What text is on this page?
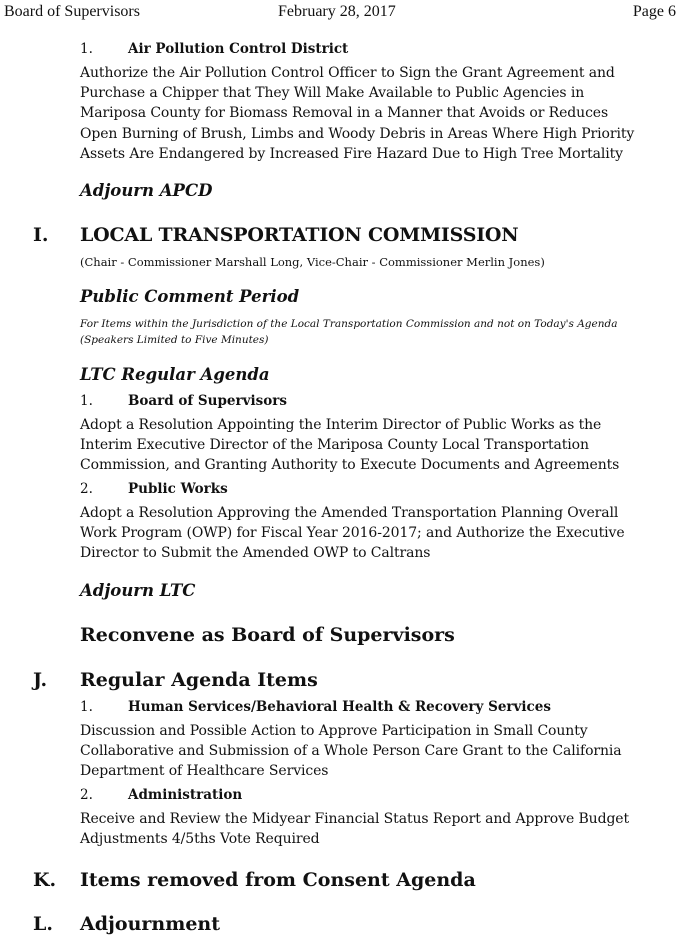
Board of Supervisors	February 28, 2017	Page 6
1.	Air Pollution Control District
Authorize the Air Pollution Control Officer to Sign the Grant Agreement and Purchase a Chipper that They Will Make Available to Public Agencies in Mariposa County for Biomass Removal in a Manner that Avoids or Reduces Open Burning of Brush, Limbs and Woody Debris in Areas Where High Priority Assets Are Endangered by Increased Fire Hazard Due to High Tree Mortality
Adjourn APCD
I. LOCAL TRANSPORTATION COMMISSION
(Chair - Commissioner Marshall Long, Vice-Chair - Commissioner Merlin Jones)
Public Comment Period
For Items within the Jurisdiction of the Local Transportation Commission and not on Today's Agenda (Speakers Limited to Five Minutes)
LTC Regular Agenda
1.	Board of Supervisors
Adopt a Resolution Appointing the Interim Director of Public Works as the Interim Executive Director of the Mariposa County Local Transportation Commission, and Granting Authority to Execute Documents and Agreements
2.	Public Works
Adopt a Resolution Approving the Amended Transportation Planning Overall Work Program (OWP) for Fiscal Year 2016-2017; and Authorize the Executive Director to Submit the Amended OWP to Caltrans
Adjourn LTC
Reconvene as Board of Supervisors
J. Regular Agenda Items
1.	Human Services/Behavioral Health & Recovery Services
Discussion and Possible Action to Approve Participation in Small County Collaborative and Submission of a Whole Person Care Grant to the California Department of Healthcare Services
2.	Administration
Receive and Review the Midyear Financial Status Report and Approve Budget Adjustments 4/5ths Vote Required
K. Items removed from Consent Agenda
L. Adjournment
